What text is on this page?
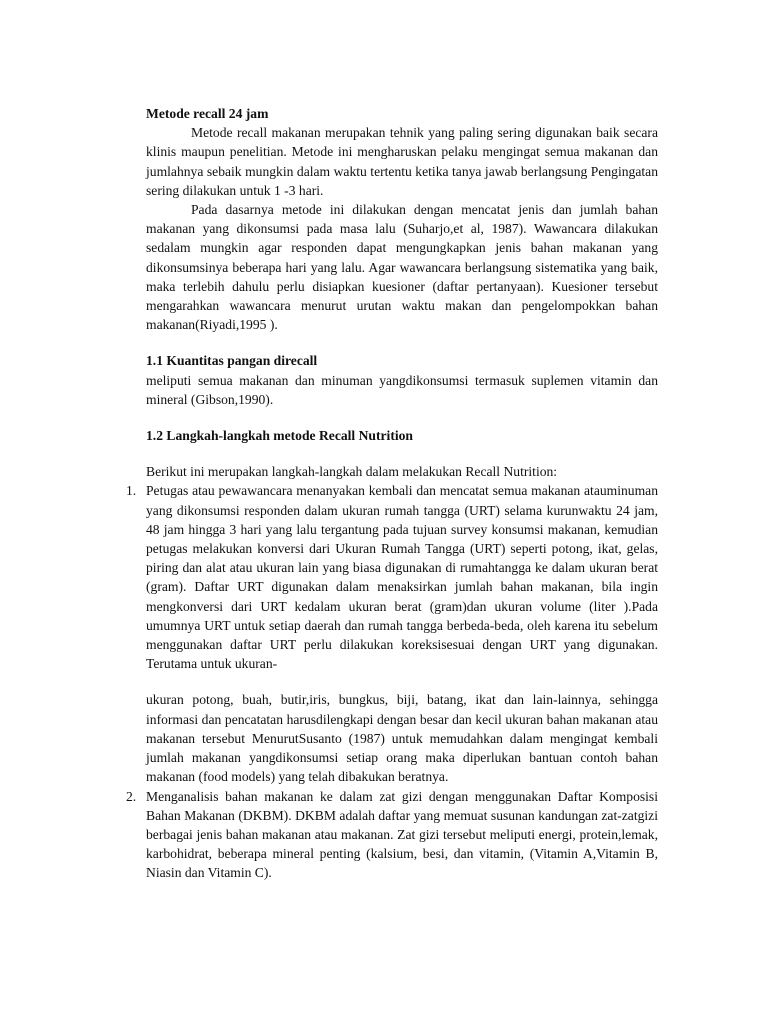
Metode recall 24 jam

Metode recall makanan merupakan tehnik yang paling sering digunakan baik secara klinis maupun penelitian. Metode ini mengharuskan pelaku mengingat semua makanan dan jumlahnya sebaik mungkin dalam waktu tertentu ketika tanya jawab berlangsung Pengingatan sering dilakukan untuk 1 -3 hari.

Pada dasarnya metode ini dilakukan dengan mencatat jenis dan jumlah bahan makanan yang dikonsumsi pada masa lalu (Suharjo,et al, 1987). Wawancara dilakukan sedalam mungkin agar responden dapat mengungkapkan jenis bahan makanan yang dikonsumsinya beberapa hari yang lalu. Agar wawancara berlangsung sistematika yang baik, maka terlebih dahulu perlu disiapkan kuesioner (daftar pertanyaan). Kuesioner tersebut mengarahkan wawancara menurut urutan waktu makan dan pengelompokkan bahan makanan(Riyadi,1995 ).

1.1 Kuantitas pangan direcall

meliputi semua makanan dan minuman yangdikonsumsi termasuk suplemen vitamin dan mineral (Gibson,1990).

1.2 Langkah-langkah metode Recall Nutrition

Berikut ini merupakan langkah-langkah dalam melakukan Recall Nutrition:

1. Petugas atau pewawancara menanyakan kembali dan mencatat semua makanan atauminuman yang dikonsumsi responden dalam ukuran rumah tangga (URT) selama kurunwaktu 24 jam, 48 jam hingga 3 hari yang lalu tergantung pada tujuan survey konsumsi makanan, kemudian petugas melakukan konversi dari Ukuran Rumah Tangga (URT) seperti potong, ikat, gelas, piring dan alat atau ukuran lain yang biasa digunakan di rumahtangga ke dalam ukuran berat (gram). Daftar URT digunakan dalam menaksirkan jumlah bahan makanan, bila ingin mengkonversi dari URT kedalam ukuran berat (gram)dan ukuran volume (liter ).Pada umumnya URT untuk setiap daerah dan rumah tangga berbeda-beda, oleh karena itu sebelum menggunakan daftar URT perlu dilakukan koreksisesuai dengan URT yang digunakan. Terutama untuk ukuran-

ukuran potong, buah, butir,iris, bungkus, biji, batang, ikat dan lain-lainnya, sehingga informasi dan pencatatan harusdilengkapi dengan besar dan kecil ukuran bahan makanan atau makanan tersebut MenurutSusanto (1987) untuk memudahkan dalam mengingat kembali jumlah makanan yangdikonsumsi setiap orang maka diperlukan bantuan contoh bahan makanan (food models) yang telah dibakukan beratnya.

2. Menganalisis bahan makanan ke dalam zat gizi dengan menggunakan Daftar Komposisi Bahan Makanan (DKBM). DKBM adalah daftar yang memuat susunan kandungan zat-zatgizi berbagai jenis bahan makanan atau makanan. Zat gizi tersebut meliputi energi, protein,lemak, karbohidrat, beberapa mineral penting (kalsium, besi, dan vitamin, (Vitamin A,Vitamin B, Niasin dan Vitamin C).
